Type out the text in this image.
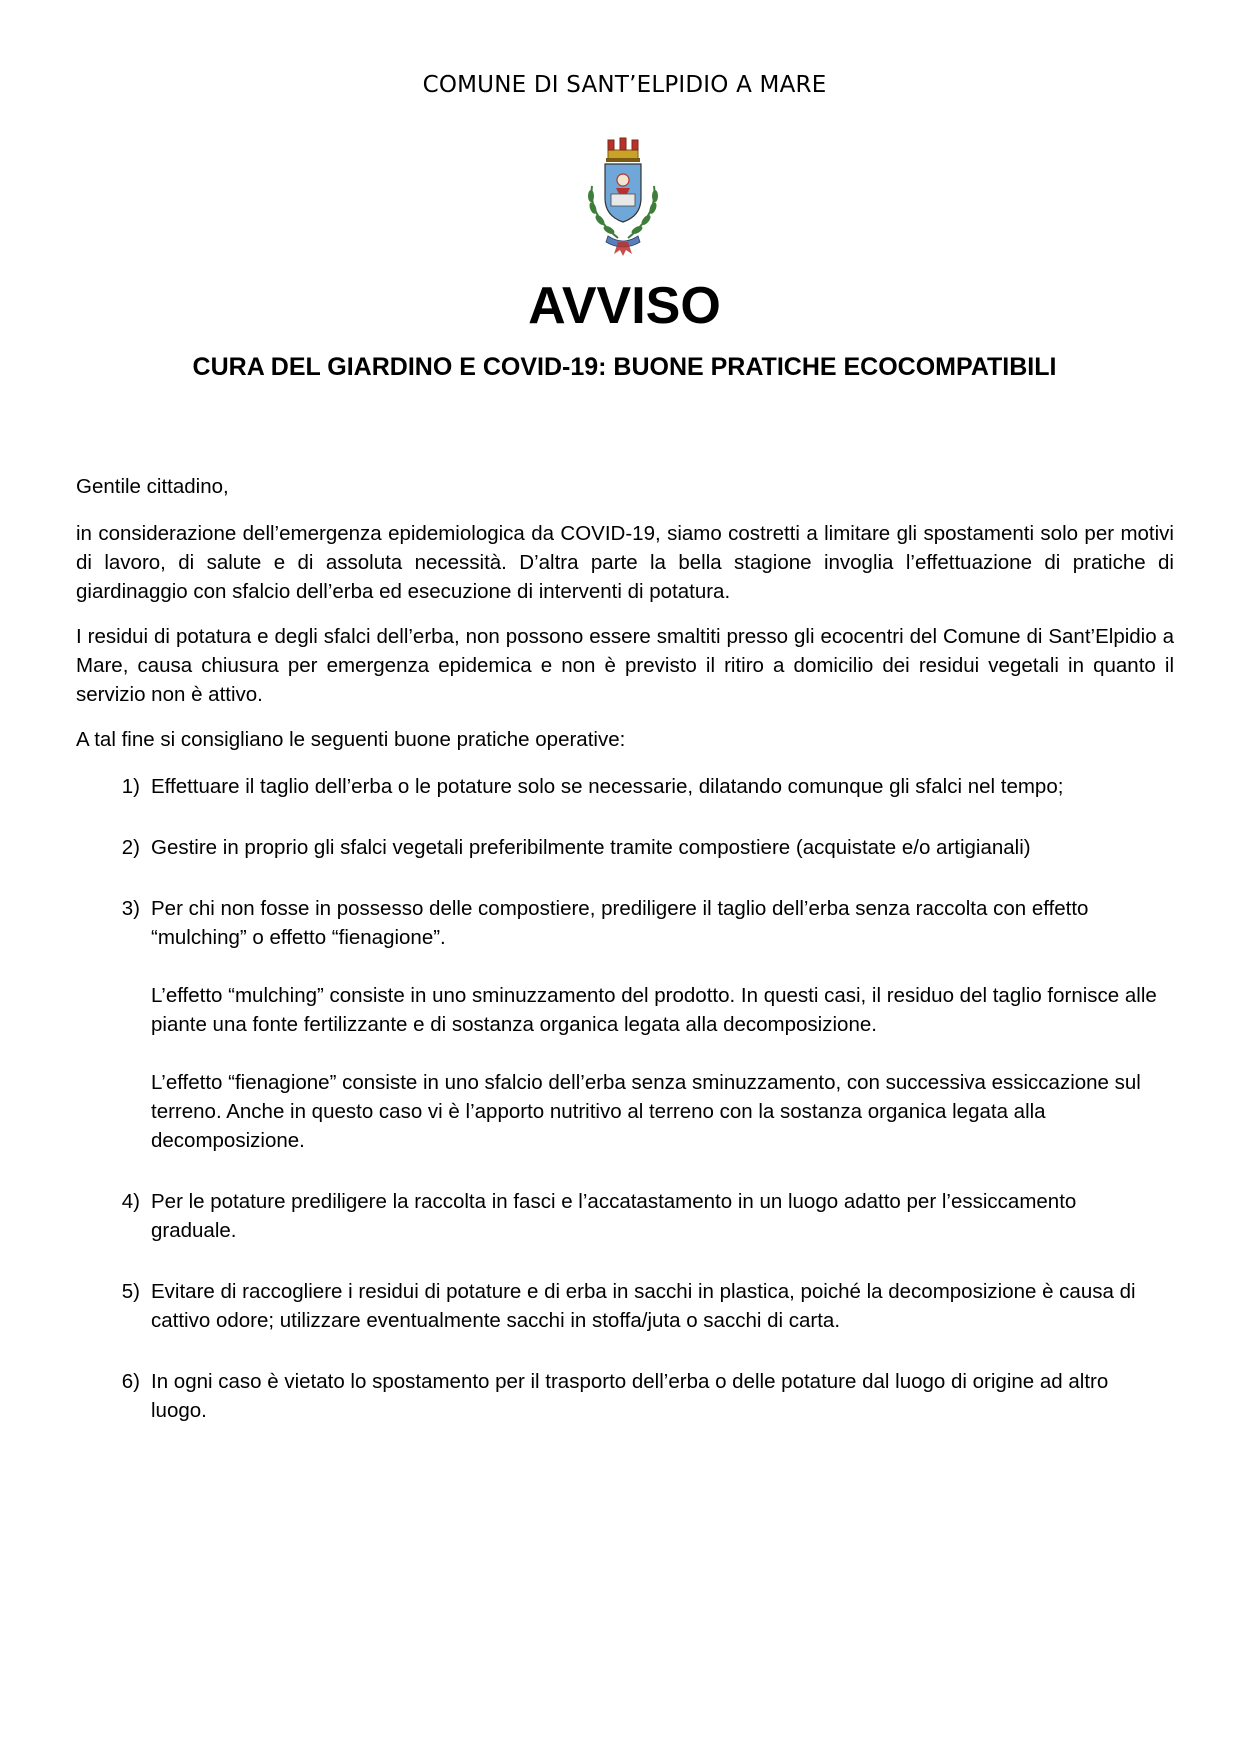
COMUNE DI SANT’ELPIDIO A MARE
AVVISO
CURA DEL GIARDINO E COVID-19: BUONE PRATICHE ECOCOMPATIBILI

Gentile cittadino,

in considerazione dell’emergenza epidemiologica da COVID-19, siamo costretti a limitare gli spostamenti solo per motivi di lavoro, di salute e di assoluta necessità. D’altra parte la bella stagione invoglia l’effettuazione di pratiche di giardinaggio con sfalcio dell’erba ed esecuzione di interventi di potatura.

I residui di potatura e degli sfalci dell’erba, non possono essere smaltiti presso gli ecocentri del Comune di Sant’Elpidio a Mare, causa chiusura per emergenza epidemica e non è previsto il ritiro a domicilio dei residui vegetali in quanto il servizio non è attivo.

A tal fine si consigliano le seguenti buone pratiche operative:

1) Effettuare il taglio dell’erba o le potature solo se necessarie, dilatando comunque gli sfalci nel tempo;

2) Gestire in proprio gli sfalci vegetali preferibilmente tramite compostiere (acquistate e/o artigianali)

3) Per chi non fosse in possesso delle compostiere, prediligere il taglio dell’erba senza raccolta con effetto “mulching” o effetto “fienagione”.

L’effetto “mulching” consiste in uno sminuzzamento del prodotto. In questi casi, il residuo del taglio fornisce alle piante una fonte fertilizzante e di sostanza organica legata alla decomposizione.

L’effetto “fienagione” consiste in uno sfalcio dell’erba senza sminuzzamento, con successiva essiccazione sul terreno. Anche in questo caso vi è l’apporto nutritivo al terreno con la sostanza organica legata alla decomposizione.

4) Per le potature prediligere la raccolta in fasci e l’accatastamento in un luogo adatto per l’essiccamento graduale.

5) Evitare di raccogliere i residui di potature e di erba in sacchi in plastica, poiché la decomposizione è causa di cattivo odore; utilizzare eventualmente sacchi in stoffa/juta o sacchi di carta.

6) In ogni caso è vietato lo spostamento per il trasporto dell’erba o delle potature dal luogo di origine ad altro luogo.
